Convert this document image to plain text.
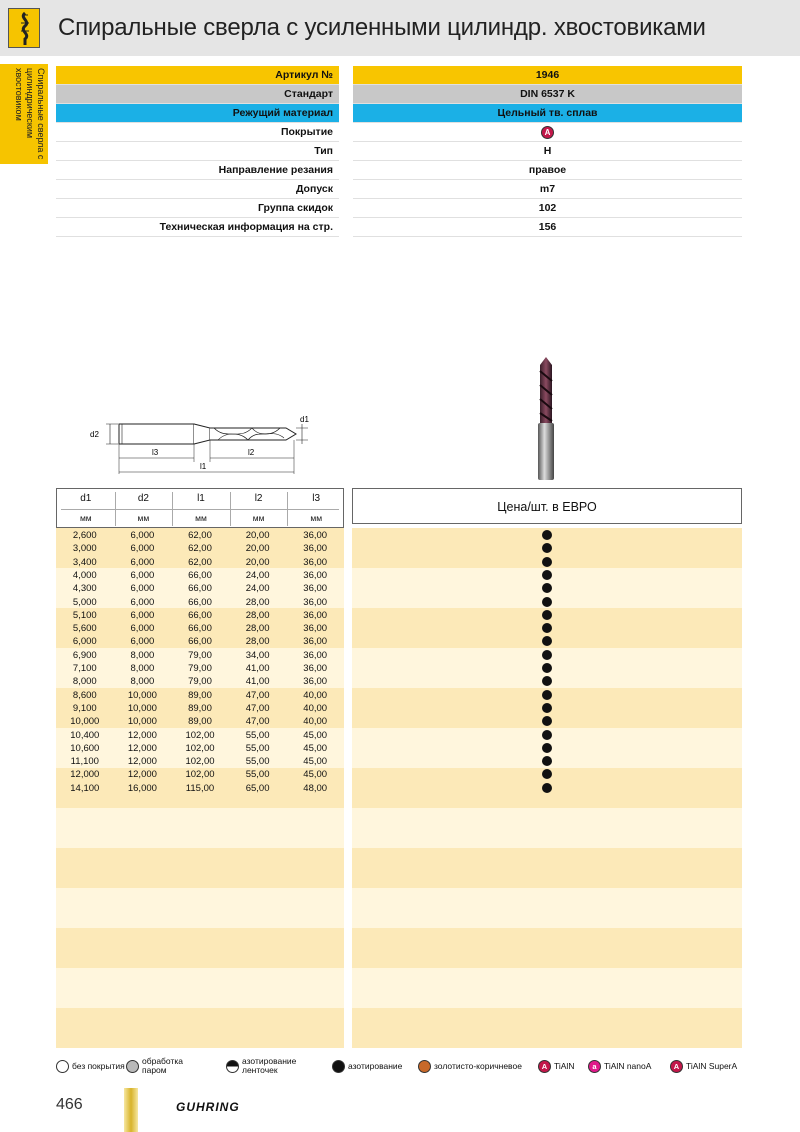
Спиральные сверла с усиленными цилиндр. хвостовиками
Спиральные сверла с цилиндрическим хвостовиком	Артикул №	1946
Стандарт	DIN 6537 K
Режущий материал	Цельный тв. сплав
Покрытие	A
Тип	H
Направление резания	правое
Допуск	m7
Группа скидок	102
Техническая информация на стр.	156
d2
d1
l3	l2
l1
d1
мм
d2
мм
l1
мм
l2
мм
l3
мм
2,600	6,000	62,00	20,00	36,00
3,000	6,000	62,00	20,00	36,00
3,400	6,000	62,00	20,00	36,00
4,000	6,000	66,00	24,00	36,00
4,300	6,000	66,00	24,00	36,00
5,000	6,000	66,00	28,00	36,00
5,100	6,000	66,00	28,00	36,00
5,600	6,000	66,00	28,00	36,00
6,000	6,000	66,00	28,00	36,00
6,900	8,000	79,00	34,00	36,00
7,100	8,000	79,00	41,00	36,00
8,000	8,000	79,00	41,00	36,00
8,600	10,000	89,00	47,00	40,00
9,100	10,000	89,00	47,00	40,00
10,000	10,000	89,00	47,00	40,00
10,400	12,000	102,00	55,00	45,00
10,600	12,000	102,00	55,00	45,00
11,100	12,000	102,00	55,00	45,00
12,000	12,000	102,00	55,00	45,00
14,100	16,000	115,00	65,00	48,00
Цена/шт. в ЕВРО
без покрытия обработка паром
азотирование ленточек	азотирование	золотисто-коричневое	A TiAlN	a TiAlN nanoA	A TiAlN SuperA
466	GUHRING
